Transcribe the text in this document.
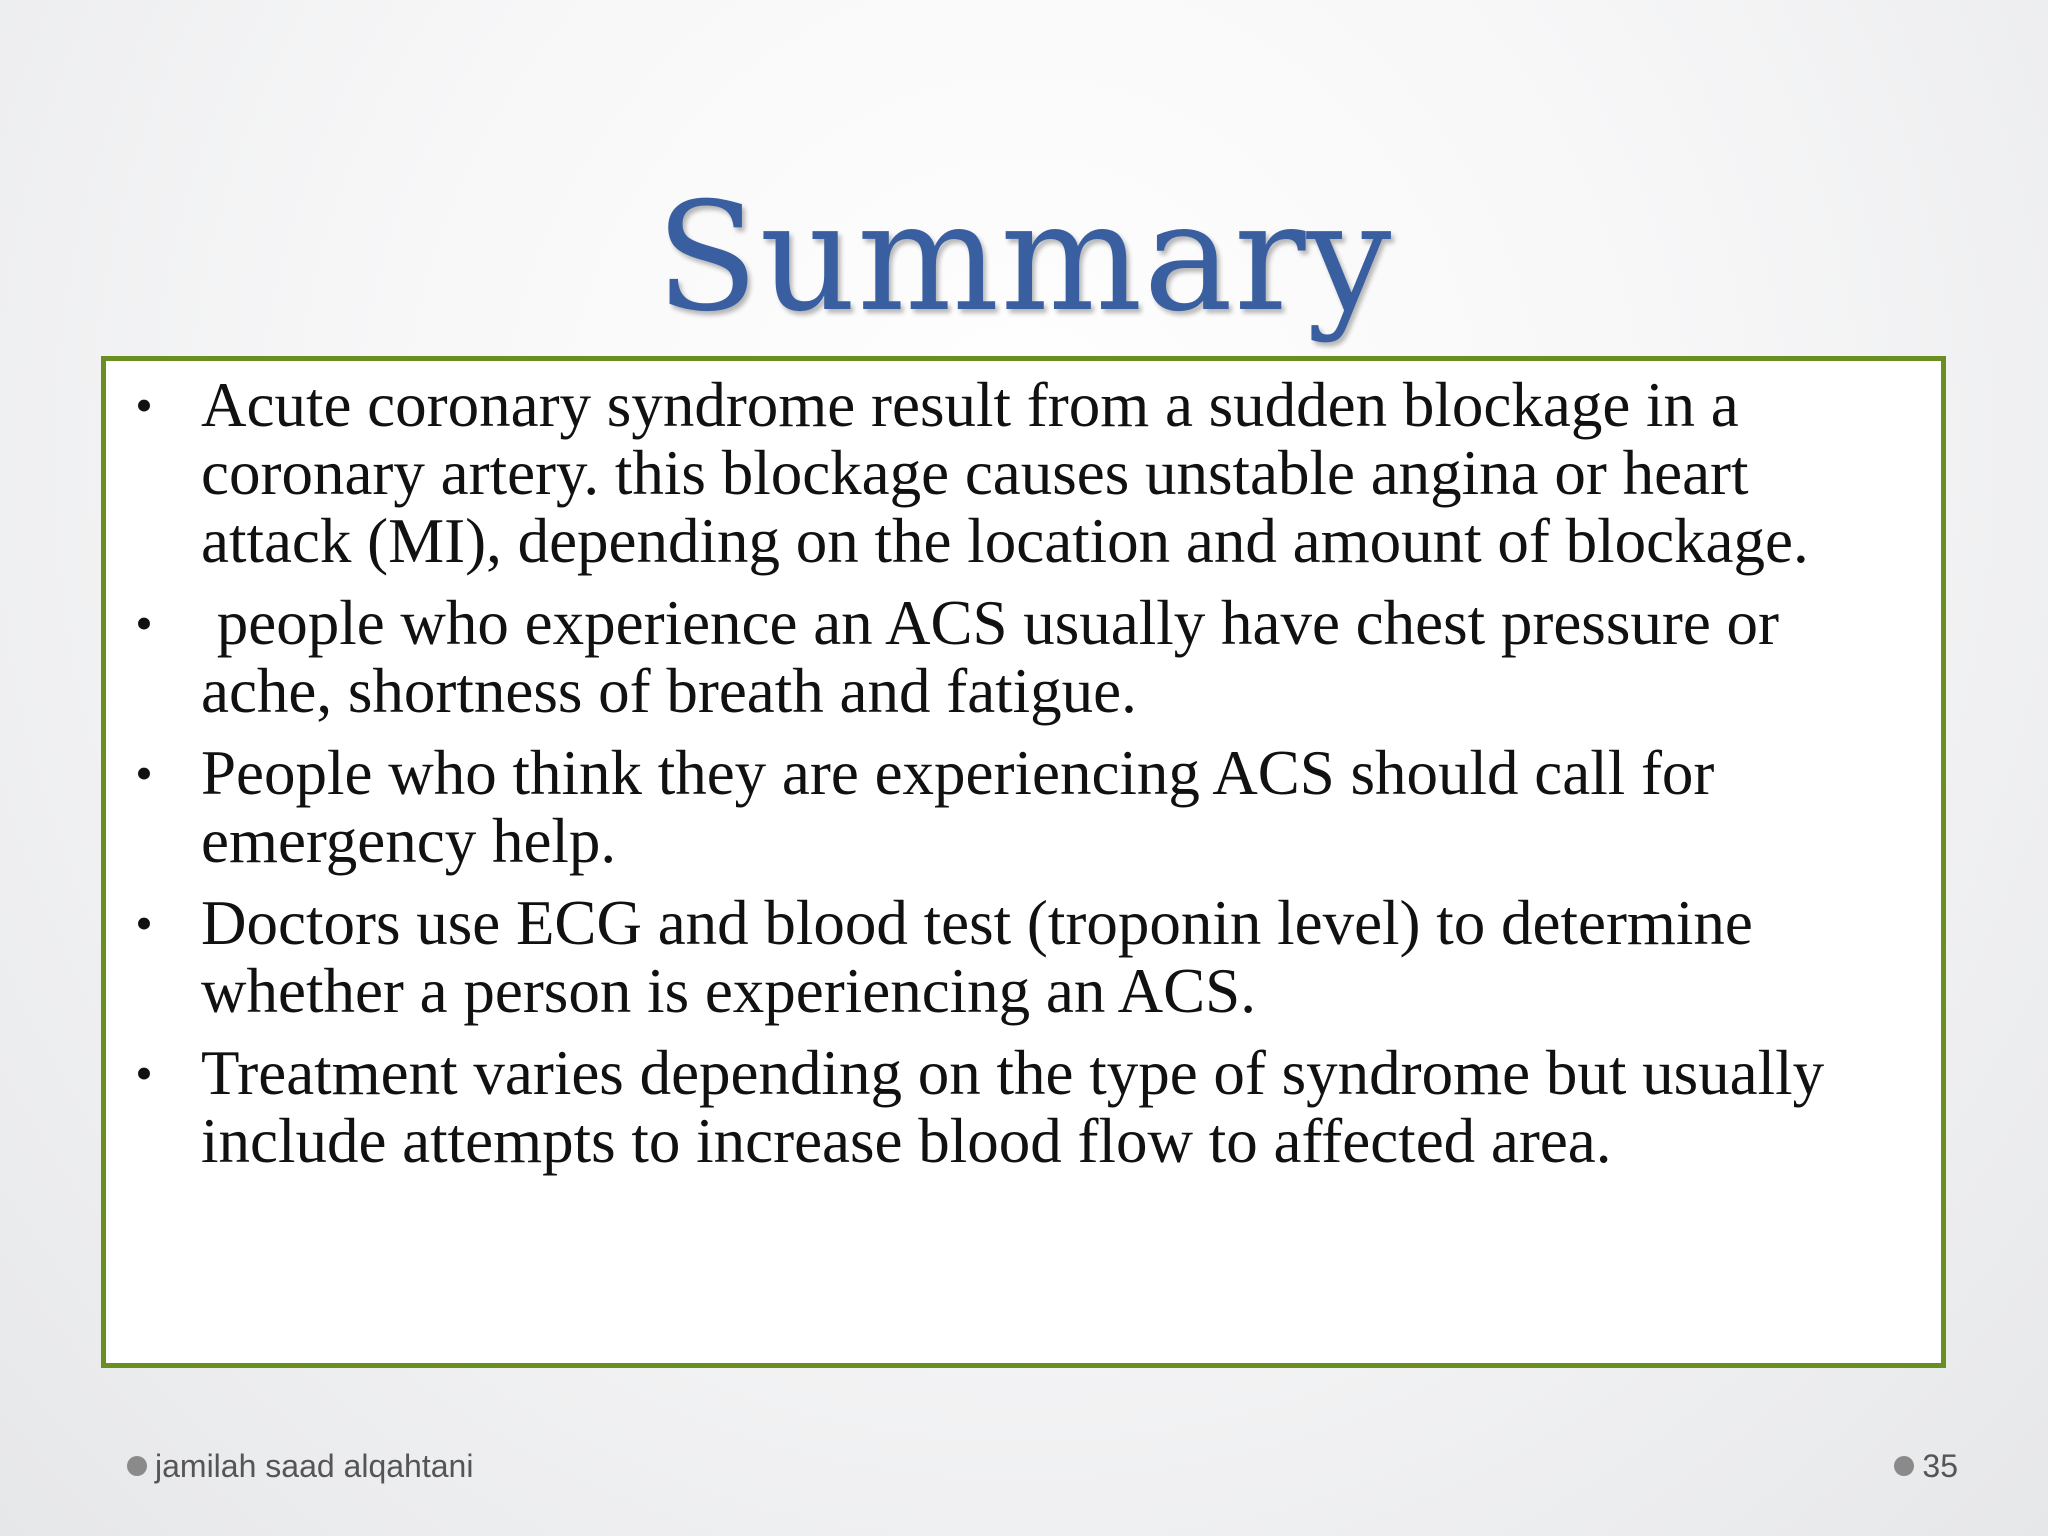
Summary
• Acute coronary syndrome result from a sudden blockage in a coronary artery. this blockage causes unstable angina or heart attack (MI), depending on the location and amount of blockage.
• people who experience an ACS usually have chest pressure or ache, shortness of breath and fatigue.
• People who think they are experiencing ACS should call for emergency help.
• Doctors use ECG and blood test (troponin level) to determine whether a person is experiencing an ACS.
• Treatment varies depending on the type of syndrome but usually include attempts to increase blood flow to affected area.
jamilah saad alqahtani	35
